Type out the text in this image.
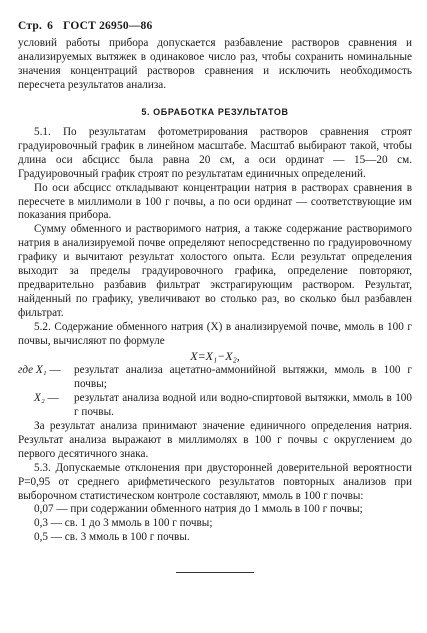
Стр. 6 ГОСТ 26950—86

условий работы прибора допускается разбавление растворов сравнения и анализируемых вытяжек в одинаковое число раз, чтобы сохранить номинальные значения концентраций растворов сравнения и исключить необходимость пересчета результатов анализа.

5. ОБРАБОТКА РЕЗУЛЬТАТОВ

5.1. По результатам фотометрирования растворов сравнения строят градуировочный график в линейном масштабе. Масштаб выбирают такой, чтобы длина оси абсцисс была равна 20 см, а оси ординат — 15—20 см. Градуировочный график строят по результатам единичных определений.

По оси абсцисс откладывают концентрации натрия в растворах сравнения в пересчете в миллимоли в 100 г почвы, а по оси ординат — соответствующие им показания прибора.

Сумму обменного и растворимого натрия, а также содержание растворимого натрия в анализируемой почве определяют непосредственно по градуировочному графику и вычитают результат холостого опыта. Если результат определения выходит за пределы градуировочного графика, определение повторяют, предварительно разбавив фильтрат экстрагирующим раствором. Результат, найденный по графику, увеличивают во столько раз, во сколько был разбавлен фильтрат.

5.2. Содержание обменного натрия (X) в анализируемой почве, ммоль в 100 г почвы, вычисляют по формуле

X=X₁−X₂,
где X₁ —	результат анализа ацетатно-аммонийной вытяжки, ммоль в 100 г почвы;
X₂ —	результат анализа водной или водно-спиртовой вытяжки, ммоль в 100 г почвы.

За результат анализа принимают значение единичного определения натрия. Результат анализа выражают в миллимолях в 100 г почвы с округлением до первого десятичного знака.

5.3. Допускаемые отклонения при двусторонней доверительной вероятности P=0,95 от среднего арифметического результатов повторных анализов при выборочном статистическом контроле составляют, ммоль в 100 г почвы:

0,07 — при содержании обменного натрия до 1 ммоль в 100 г почвы;

0,3 — св. 1 до 3 ммоль в 100 г почвы;

0,5 — св. 3 ммоль в 100 г почвы.
